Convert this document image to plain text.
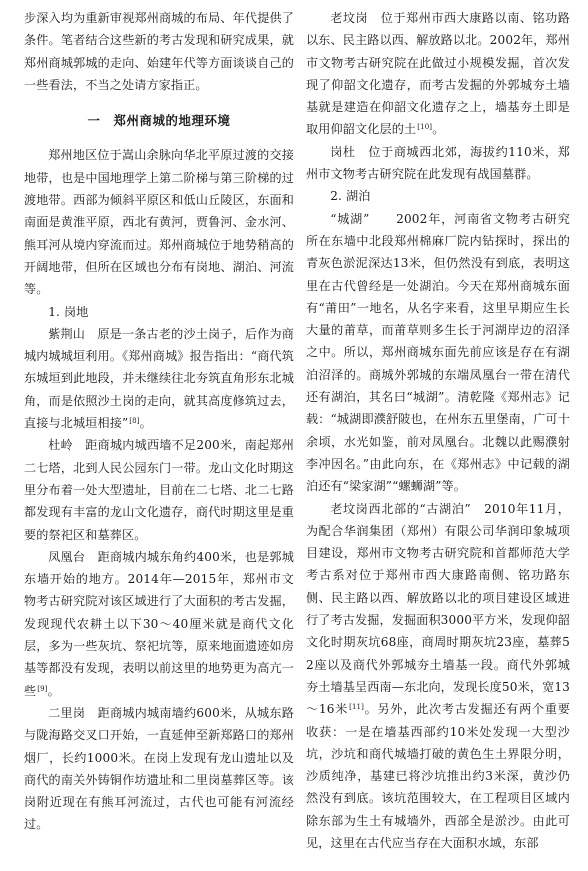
步深入均为重新审视郑州商城的布局、年代提供了条件。笔者结合这些新的考古发现和研究成果，就郑州商城郭城的走向、始建年代等方面谈谈自己的一些看法，不当之处请方家指正。

一　郑州商城的地理环境

郑州地区位于嵩山余脉向华北平原过渡的交接地带，也是中国地理学上第二阶梯与第三阶梯的过渡地带。西部为倾斜平原区和低山丘陵区，东面和南面是黄淮平原，西北有黄河，贾鲁河、金水河、熊耳河从境内穿流而过。郑州商城位于地势稍高的开阔地带，但所在区域也分布有岗地、湖泊、河流等。

1. 岗地

紫荆山　 原是一条古老的沙土岗子，后作为商城内城城垣利用。《郑州商城》报告指出：“商代筑东城垣到此地段，并未继续往北夯筑直角形东北城角，而是依照沙土岗的走向，就其高度修筑过去，直接与北城垣相接”[8]。

杜岭　 距商城内城西墙不足200米，南起郑州二七塔，北到人民公园东门一带。龙山文化时期这里分布着一处大型遗址，目前在二七塔、北二七路都发现有丰富的龙山文化遗存，商代时期这里是重要的祭祀区和墓葬区。

凤凰台　 距商城内城东角约400米，也是郭城东墙开始的地方。2014年—2015年，郑州市文物考古研究院对该区域进行了大面积的考古发掘，发现现代农耕土以下30～40厘米就是商代文化层，多为一些灰坑、祭祀坑等，原来地面遗迹如房基等都没有发现，表明以前这里的地势更为高亢一些[9]。

二里岗　 距商城内城南墙约600米，从城东路与陇海路交叉口开始，一直延伸至新郑路口的郑州烟厂，长约1000米。在岗上发现有龙山遗址以及商代的南关外铸铜作坊遗址和二里岗墓葬区等。该岗附近现在有熊耳河流过，古代也可能有河流经过。

老坟岗　 位于郑州市西大康路以南、铭功路以东、民主路以西、解放路以北。2002年，郑州市文物考古研究院在此做过小规模发掘，首次发现了仰韶文化遗存，而考古发掘的外郭城夯土墙基就是建造在仰韶文化遗存之上，墙基夯土即是取用仰韶文化层的土[10]。

岗杜　 位于商城西北郊，海拔约110米，郑州市文物考古研究院在此发现有战国墓群。

2. 湖泊

“城湖”　　 2002年，河南省文物考古研究所在东墙中北段郑州棉麻厂院内钻探时，探出的青灰色淤泥深达13米，但仍然没有到底，表明这里在古代曾经是一处湖泊。今天在郑州商城东面有“莆田”一地名，从名字来看，这里早期应生长大量的莆草，而莆草则多生长于河湖岸边的沼泽之中。所以，郑州商城东面先前应该是存在有湖泊沼泽的。商城外郭城的东端凤凰台一带在清代还有湖泊，其名曰“城湖”。清乾隆《郑州志》记载：“城湖即濮舒陂也，在州东五里堡南，广可十余顷，水光如鉴，前对凤凰台。北魏以此赐濮射李冲因名。”由此向东，在《郑州志》中记载的湖泊还有“梁家湖”“螺蛳湖”等。

老坟岗西北部的“古湖泊”　 2010年11月，为配合华润集团（郑州）有限公司华润印象城项目建设，郑州市文物考古研究院和首都师范大学考古系对位于郑州市西大康路南侧、铭功路东侧、民主路以西、解放路以北的项目建设区域进行了考古发掘，发掘面积3000平方米，发现仰韶文化时期灰坑68座，商周时期灰坑23座，墓葬52座以及商代外郭城夯土墙基一段。商代外郭城夯土墙基呈西南—东北向，发现长度50米，宽13～16米[11]。另外，此次考古发掘还有两个重要收获：一是在墙基西部约10米处发现一大型沙坑，沙坑和商代城墙打破的黄色生土界限分明，沙质纯净，基建已将沙坑推出约3米深，黄沙仍然没有到底。该坑范围较大，在工程项目区域内除东部为生土有城墙外，西部全是淤沙。由此可见，这里在古代应当存在大面积水域，东部
